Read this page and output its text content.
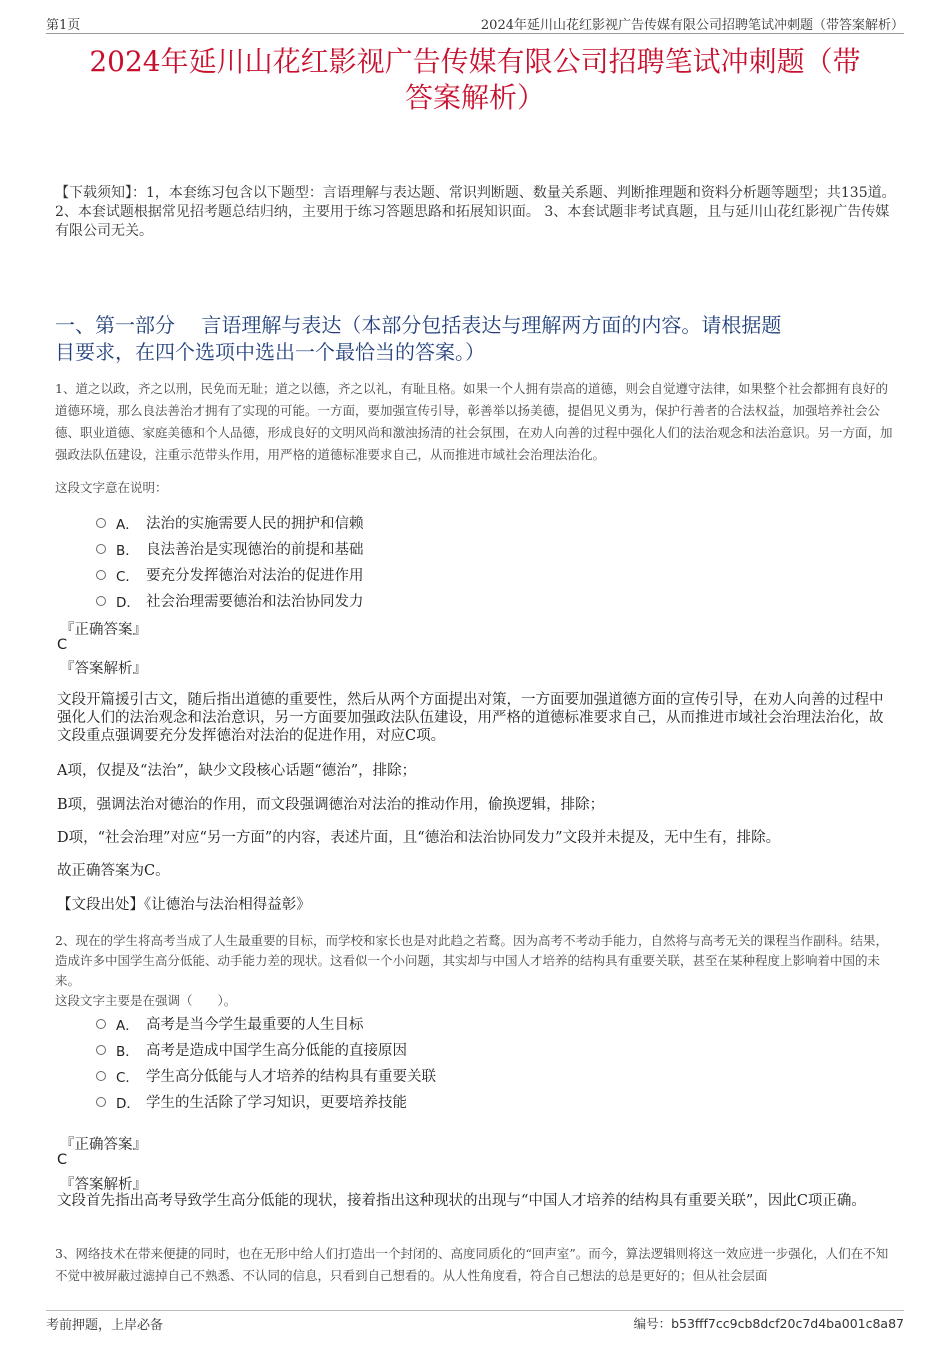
第1页	2024年延川山花红影视广告传媒有限公司招聘笔试冲刺题（带答案解析）
2024年延川山花红影视广告传媒有限公司招聘笔试冲刺题（带
答案解析）
【下载须知】：1，本套练习包含以下题型：言语理解与表达题、常识判断题、数量关系题、判断推理题和资料分析题等题型；共135道。 2、本套试题根据常见招考题总结归纳，主要用于练习答题思路和拓展知识面。 3、本套试题非考试真题，且与延川山花红影视广告传媒有限公司无关。
一、第一部分　 言语理解与表达（本部分包括表达与理解两方面的内容。请根据题
目要求，在四个选项中选出一个最恰当的答案。）
1、道之以政，齐之以刑，民免而无耻；道之以德，齐之以礼，有耻且格。如果一个人拥有崇高的道德，则会自觉遵守法律，如果整个社会都拥有良好的道德环境，那么良法善治才拥有了实现的可能。一方面，要加强宣传引导，彰善举以扬美德，提倡见义勇为，保护行善者的合法权益，加强培养社会公德、职业道德、家庭美德和个人品德，形成良好的文明风尚和激浊扬清的社会氛围，在劝人向善的过程中强化人们的法治观念和法治意识。另一方面，加强政法队伍建设，注重示范带头作用，用严格的道德标准要求自己，从而推进市域社会治理法治化。
这段文字意在说明：
A． 法治的实施需要人民的拥护和信赖
B． 良法善治是实现德治的前提和基础
C． 要充分发挥德治对法治的促进作用
D． 社会治理需要德治和法治协同发力
『正确答案』
C
『答案解析』
文段开篇援引古文，随后指出道德的重要性，然后从两个方面提出对策，一方面要加强道德方面的宣传引导，在劝人向善的过程中强化人们的法治观念和法治意识，另一方面要加强政法队伍建设，用严格的道德标准要求自己，从而推进市域社会治理法治化，故文段重点强调要充分发挥德治对法治的促进作用，对应C项。
A项，仅提及“法治”，缺少文段核心话题“德治”，排除；
B项，强调法治对德治的作用，而文段强调德治对法治的推动作用，偷换逻辑，排除；
D项，“社会治理”对应“另一方面”的内容，表述片面，且“德治和法治协同发力”文段并未提及，无中生有，排除。
故正确答案为C。
【文段出处】《让德治与法治相得益彰》
2、现在的学生将高考当成了人生最重要的目标，而学校和家长也是对此趋之若鹜。因为高考不考动手能力，自然将与高考无关的课程当作副科。结果，造成许多中国学生高分低能、动手能力差的现状。这看似一个小问题，其实却与中国人才培养的结构具有重要关联，甚至在某种程度上影响着中国的未来。
这段文字主要是在强调（　　）。
A． 高考是当今学生最重要的人生目标
B． 高考是造成中国学生高分低能的直接原因
C． 学生高分低能与人才培养的结构具有重要关联
D． 学生的生活除了学习知识，更要培养技能
『正确答案』
C
『答案解析』
文段首先指出高考导致学生高分低能的现状，接着指出这种现状的出现与“中国人才培养的结构具有重要关联”，因此C项正确。
3、网络技术在带来便捷的同时，也在无形中给人们打造出一个封闭的、高度同质化的“回声室”。而今，算法逻辑则将这一效应进一步强化，人们在不知不觉中被屏蔽过滤掉自己不熟悉、不认同的信息，只看到自己想看的。从人性角度看，符合自己想法的总是更好的；但从社会层面
考前押题，上岸必备	编号：b53fff7cc9cb8dcf20c7d4ba001c8a87
